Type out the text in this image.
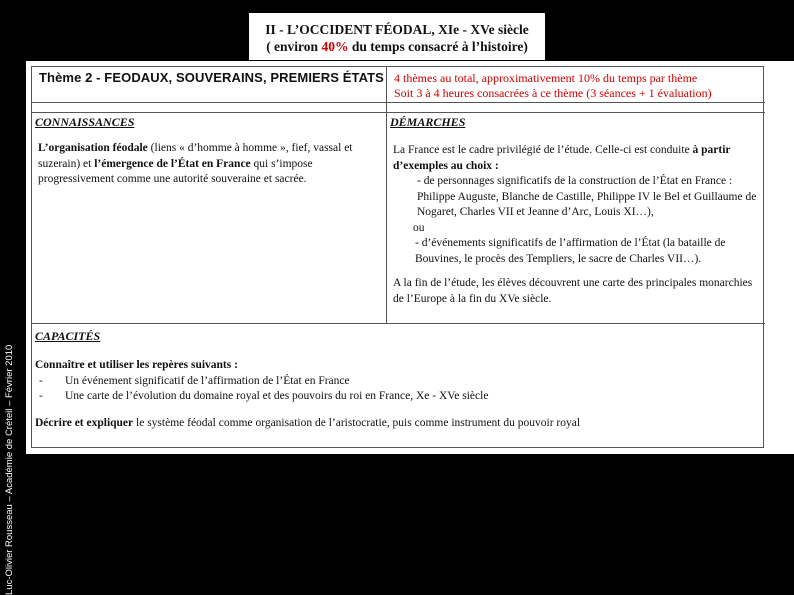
Luc-Olivier Rousseau – Académie de Créteil – Février 2010
II - L’OCCIDENT FÉODAL, XIe - XVe siècle
( environ 40% du temps consacré à l’histoire)
Thème 2 - FEODAUX, SOUVERAINS, PREMIERS ÉTATS 4 thèmes au total, approximativement 10% du temps par thème
Soit 3 à 4 heures consacrées à ce thème (3 séances + 1 évaluation)
CONNAISSANCES
L’organisation féodale (liens « d’homme à homme », fief, vassal et suzerain) et l’émergence de l’État en France qui s’impose progressivement comme une autorité souveraine et sacrée.
DÉMARCHES
La France est le cadre privilégié de l’étude. Celle-ci est conduite à partir d’exemples au choix :
- de personnages significatifs de la construction de l’État en France : Philippe Auguste, Blanche de Castille, Philippe IV le Bel et Guillaume de Nogaret, Charles VII et Jeanne d’Arc, Louis XI…),
ou
- d’événements significatifs de l’affirmation de l’État (la bataille de Bouvines, le procès des Templiers, le sacre de Charles VII…).
A la fin de l’étude, les élèves découvrent une carte des principales monarchies de l’Europe à la fin du XVe siècle.
CAPACITÉS
Connaître et utiliser les repères suivants :
- Un événement significatif de l’affirmation de l’État en France
- Une carte de l’évolution du domaine royal et des pouvoirs du roi en France, Xe - XVe siècle
Décrire et expliquer le système féodal comme organisation de l’aristocratie, puis comme instrument du pouvoir royal
